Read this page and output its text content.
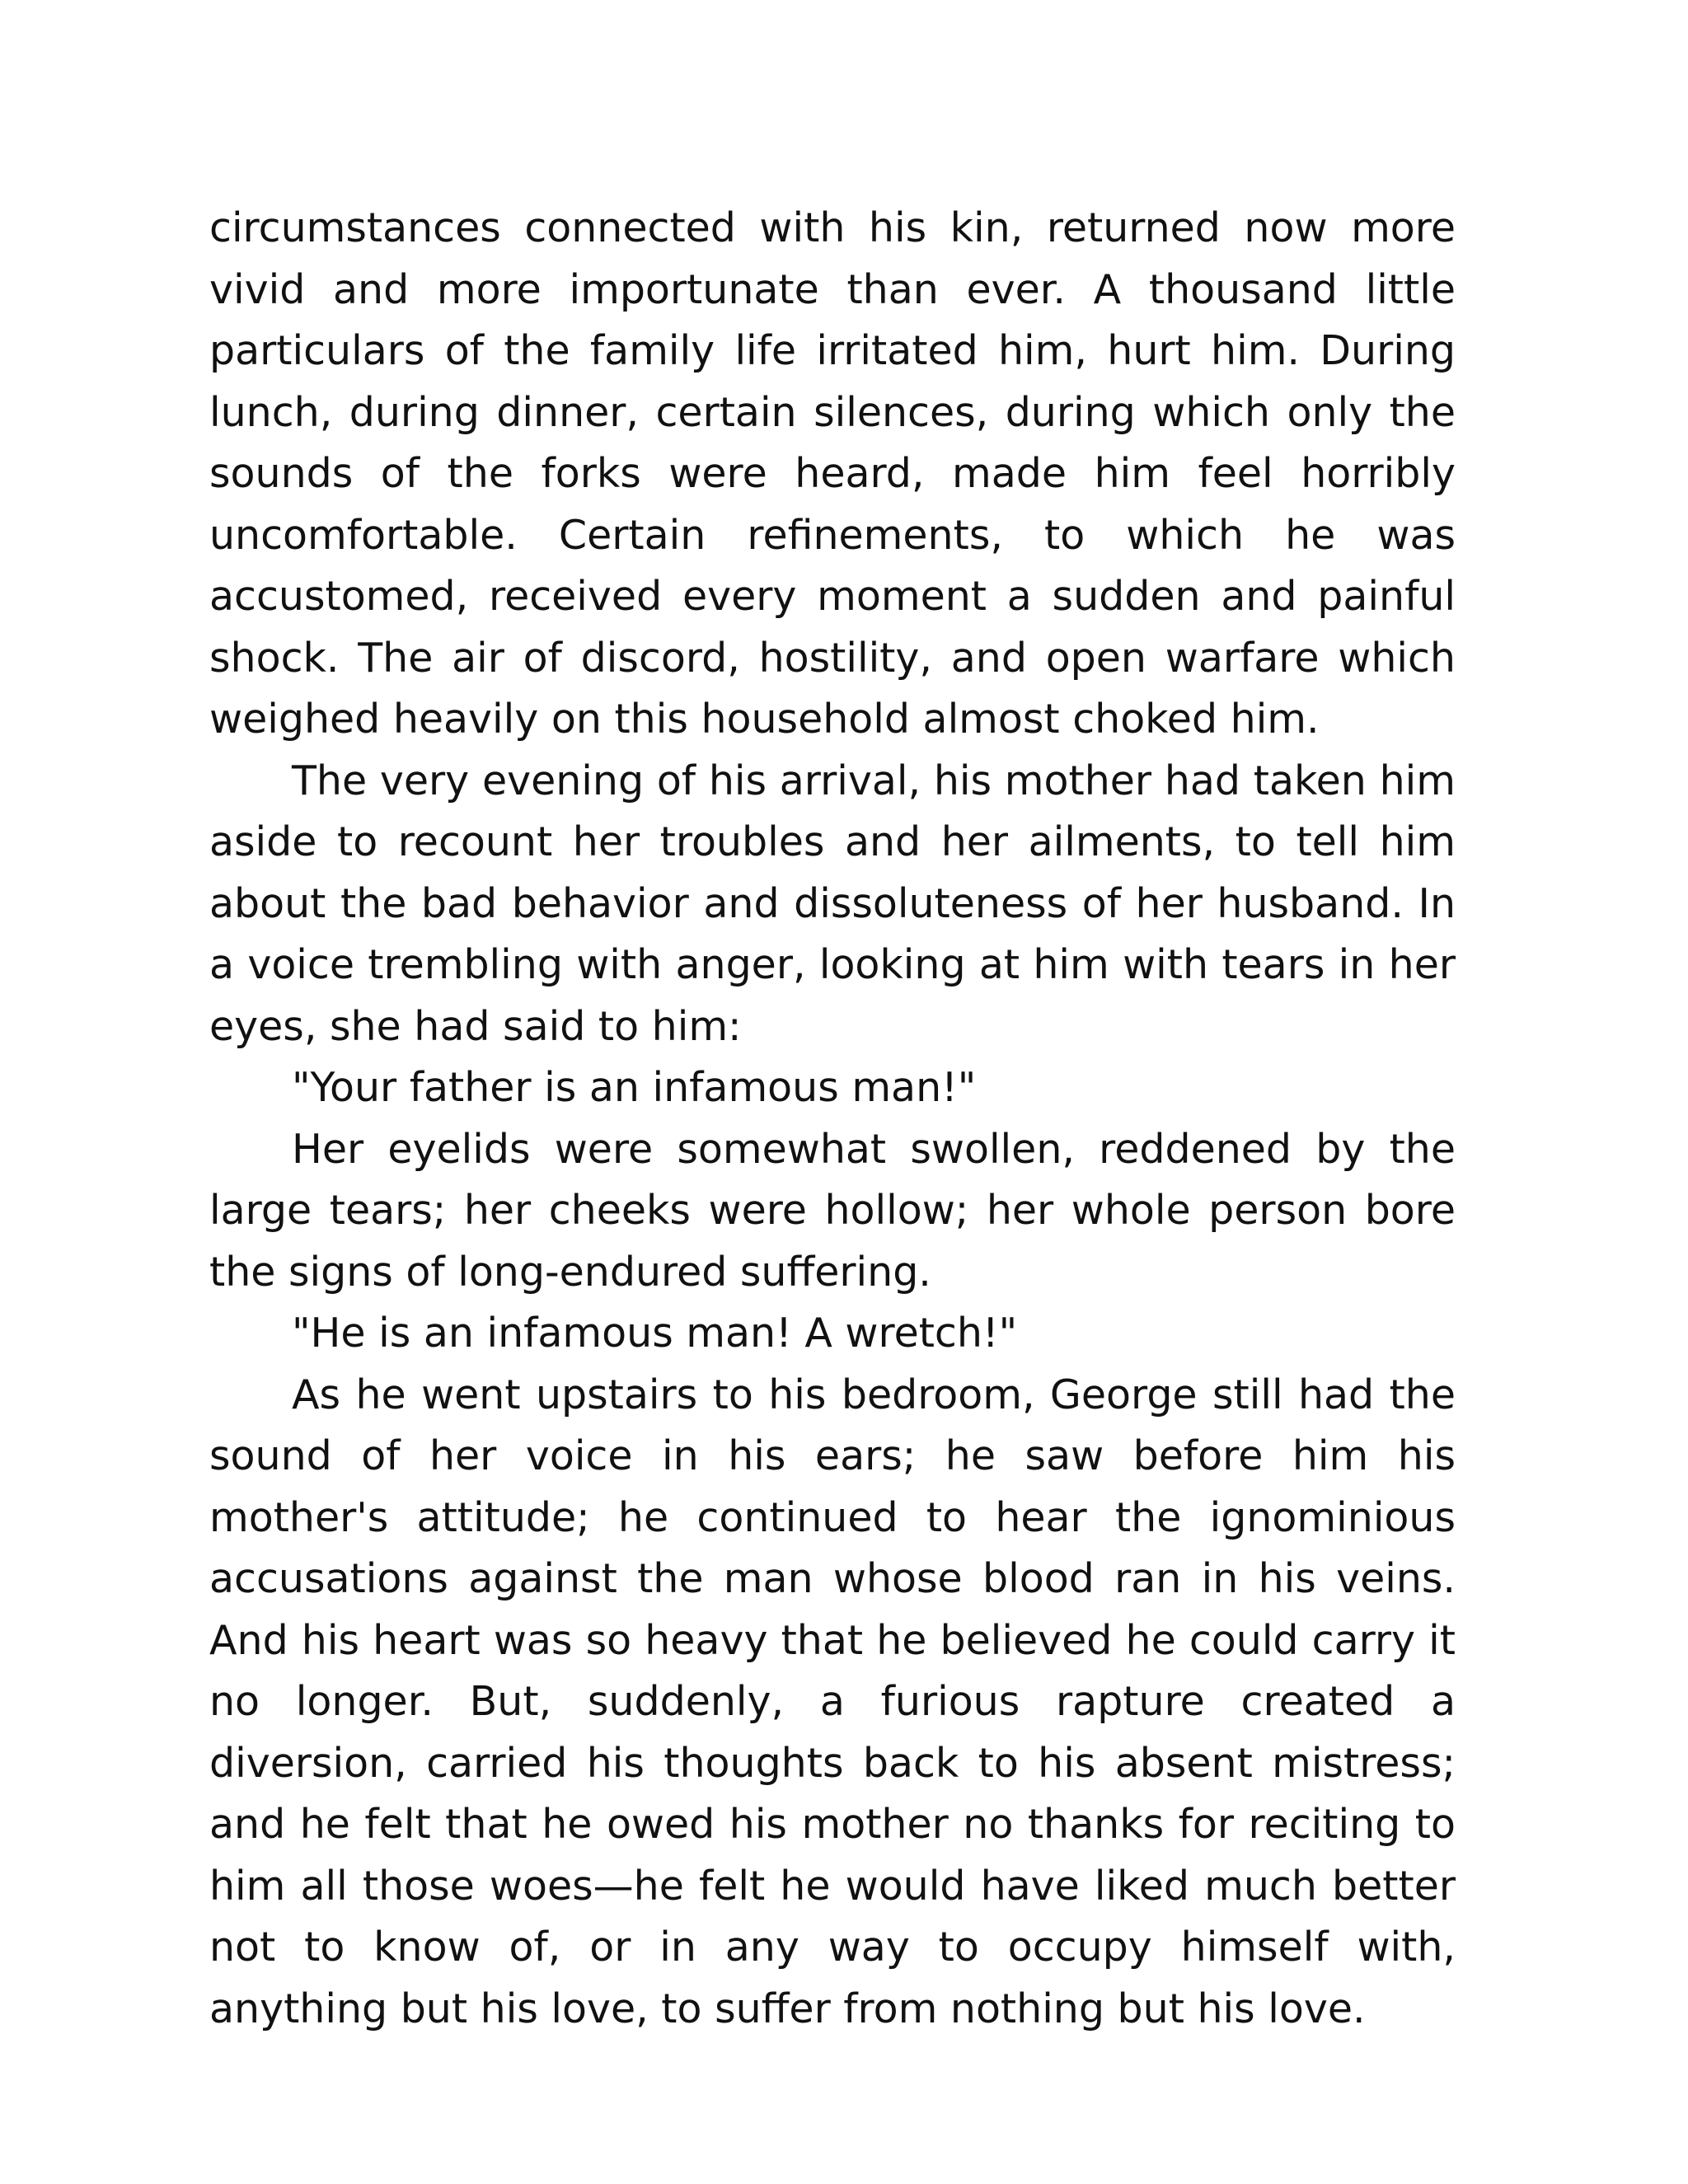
circumstances connected with his kin, returned now more vivid and more importunate than ever. A thousand little particulars of the family life irritated him, hurt him. During lunch, during dinner, certain silences, during which only the sounds of the forks were heard, made him feel horribly uncomfortable. Certain refinements, to which he was accustomed, received every moment a sudden and painful shock. The air of discord, hostility, and open warfare which weighed heavily on this household almost choked him.

The very evening of his arrival, his mother had taken him aside to recount her troubles and her ailments, to tell him about the bad behavior and dissoluteness of her husband. In a voice trembling with anger, looking at him with tears in her eyes, she had said to him:

"Your father is an infamous man!"

Her eyelids were somewhat swollen, reddened by the large tears; her cheeks were hollow; her whole person bore the signs of long-endured suffering.

"He is an infamous man! A wretch!"

As he went upstairs to his bedroom, George still had the sound of her voice in his ears; he saw before him his mother's attitude; he continued to hear the ignominious accusations against the man whose blood ran in his veins. And his heart was so heavy that he believed he could carry it no longer. But, suddenly, a furious rapture created a diversion, carried his thoughts back to his absent mistress; and he felt that he owed his mother no thanks for reciting to him all those woes—he felt he would have liked much better not to know of, or in any way to occupy himself with, anything but his love, to suffer from nothing but his love.
